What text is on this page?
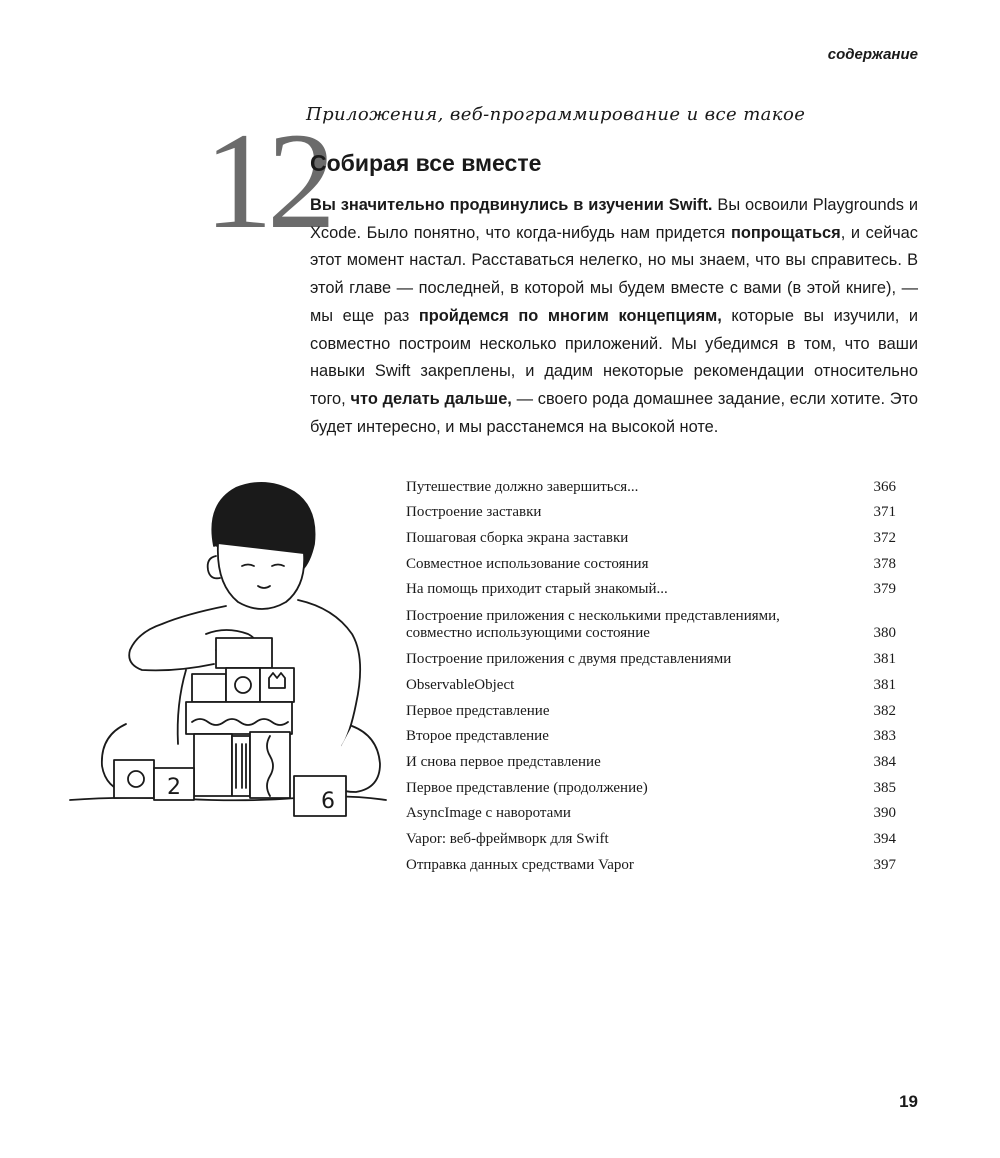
содержание
12
Приложения, веб-программирование и все такое
Собирая все вместе

Вы значительно продвинулись в изучении Swift. Вы освоили Playgrounds и Xcode. Было понятно, что когда-нибудь нам придется попрощаться, и сейчас этот момент настал. Расставаться нелегко, но мы знаем, что вы справитесь. В этой главе — последней, в которой мы будем вместе с вами (в этой книге), — мы еще раз пройдемся по многим концепциям, которые вы изучили, и совместно построим несколько приложений. Мы убедимся в том, что ваши навыки Swift закреплены, и дадим некоторые рекомендации относительно того, что делать дальше, — своего рода домашнее задание, если хотите. Это будет интересно, и мы расстанемся на высокой ноте.

2
6
Путешествие должно завершиться...	366
Построение заставки	371
Пошаговая сборка экрана заставки	372
Совместное использование состояния	378
На помощь приходит старый знакомый...	379
Построение приложения с несколькими представлениями, совместно использующими состояние	380
Построение приложения с двумя представлениями	381
ObservableObject	381
Первое представление	382
Второе представление	383
И снова первое представление	384
Первое представление (продолжение)	385
AsyncImage с наворотами	390
Vapor: веб-фреймворк для Swift	394
Отправка данных средствами Vapor	397
19
